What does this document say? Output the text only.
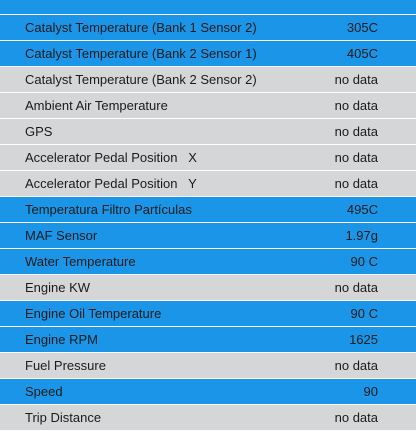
Catalyst Temperature (Bank 1 Sensor 2)	305C
Catalyst Temperature (Bank 2 Sensor 1)	405C
Catalyst Temperature (Bank 2 Sensor 2)	no data
Ambient Air Temperature	no data
GPS	no data
Accelerator Pedal Position   X	no data
Accelerator Pedal Position   Y	no data
Temperatura Filtro Partículas	495C
MAF Sensor	1.97g
Water Temperature	90 C
Engine KW	no data
Engine Oil Temperature	90 C
Engine RPM	1625
Fuel Pressure	no data
Speed	90
Trip Distance	no data
